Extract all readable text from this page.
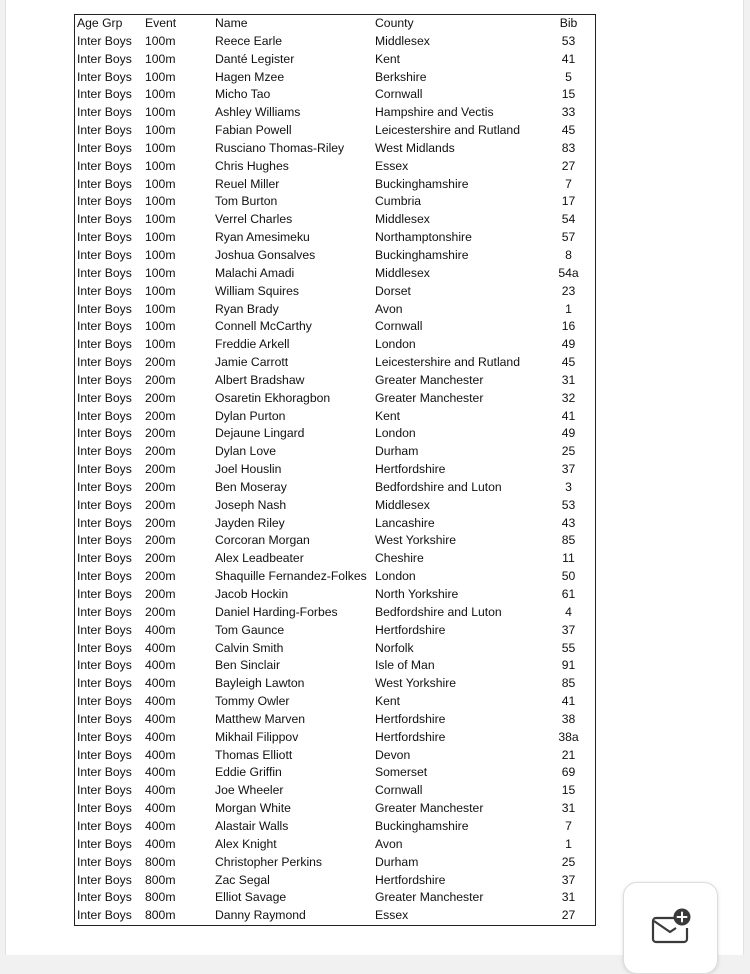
Age Grp	Event	Name	County	Bib
Inter Boys	100m	Reece Earle	Middlesex	53
Inter Boys	100m	Danté Legister	Kent	41
Inter Boys	100m	Hagen Mzee	Berkshire	5
Inter Boys	100m	Micho Tao	Cornwall	15
Inter Boys	100m	Ashley Williams	Hampshire and Vectis	33
Inter Boys	100m	Fabian Powell	Leicestershire and Rutland	45
Inter Boys	100m	Rusciano Thomas-Riley	West Midlands	83
Inter Boys	100m	Chris Hughes	Essex	27
Inter Boys	100m	Reuel Miller	Buckinghamshire	7
Inter Boys	100m	Tom Burton	Cumbria	17
Inter Boys	100m	Verrel Charles	Middlesex	54
Inter Boys	100m	Ryan Amesimeku	Northamptonshire	57
Inter Boys	100m	Joshua Gonsalves	Buckinghamshire	8
Inter Boys	100m	Malachi Amadi	Middlesex	54a
Inter Boys	100m	William Squires	Dorset	23
Inter Boys	100m	Ryan Brady	Avon	1
Inter Boys	100m	Connell McCarthy	Cornwall	16
Inter Boys	100m	Freddie Arkell	London	49
Inter Boys	200m	Jamie Carrott	Leicestershire and Rutland	45
Inter Boys	200m	Albert Bradshaw	Greater Manchester	31
Inter Boys	200m	Osaretin Ekhoragbon	Greater Manchester	32
Inter Boys	200m	Dylan Purton	Kent	41
Inter Boys	200m	Dejaune Lingard	London	49
Inter Boys	200m	Dylan Love	Durham	25
Inter Boys	200m	Joel Houslin	Hertfordshire	37
Inter Boys	200m	Ben Moseray	Bedfordshire and Luton	3
Inter Boys	200m	Joseph Nash	Middlesex	53
Inter Boys	200m	Jayden Riley	Lancashire	43
Inter Boys	200m	Corcoran Morgan	West Yorkshire	85
Inter Boys	200m	Alex Leadbeater	Cheshire	11
Inter Boys	200m	Shaquille Fernandez-Folkes	London	50
Inter Boys	200m	Jacob Hockin	North Yorkshire	61
Inter Boys	200m	Daniel Harding-Forbes	Bedfordshire and Luton	4
Inter Boys	400m	Tom Gaunce	Hertfordshire	37
Inter Boys	400m	Calvin Smith	Norfolk	55
Inter Boys	400m	Ben Sinclair	Isle of Man	91
Inter Boys	400m	Bayleigh Lawton	West Yorkshire	85
Inter Boys	400m	Tommy Owler	Kent	41
Inter Boys	400m	Matthew Marven	Hertfordshire	38
Inter Boys	400m	Mikhail Filippov	Hertfordshire	38a
Inter Boys	400m	Thomas Elliott	Devon	21
Inter Boys	400m	Eddie Griffin	Somerset	69
Inter Boys	400m	Joe Wheeler	Cornwall	15
Inter Boys	400m	Morgan White	Greater Manchester	31
Inter Boys	400m	Alastair Walls	Buckinghamshire	7
Inter Boys	400m	Alex Knight	Avon	1
Inter Boys	800m	Christopher Perkins	Durham	25
Inter Boys	800m	Zac Segal	Hertfordshire	37
Inter Boys	800m	Elliot Savage	Greater Manchester	31
Inter Boys	800m	Danny Raymond	Essex	27
